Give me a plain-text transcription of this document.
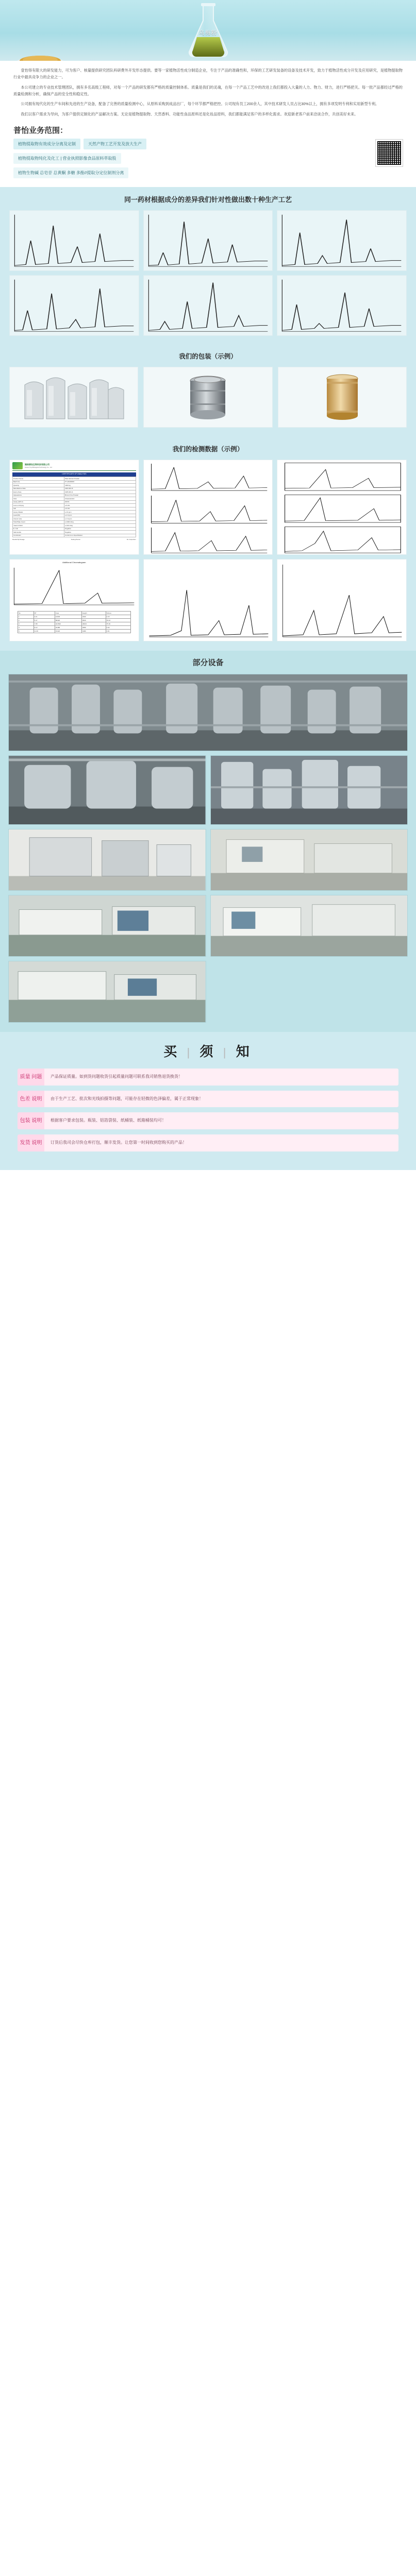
乌梅粉

壹怡得有限大的研发能力，可为客户、核量提供研究团队科研费外开发形态提供。要等一家植物活性成分制造企业，专注于产品的准确性和，环保的工艺研发装备的设备及技术开发，致力于植物活性成分开发及应用研究，是植物提取物行业中最具竞争力的企业之一。

本公司建立的专业技术管理团队，拥有多名高级工程师，对每一个产品的研发都有严格的质量控制体系。质量是我们的灵魂，在每一个产品工艺中的改进上我们都投入大量的人力、物力、财力，进行严格把关。每一批产品都经过严格的质量检测和分析，确保产品的安全性和稳定性。

公司拥有现代化的生产车间和先进的生产设备，配备了完善的质量检测中心，从原料采购到成品出厂，每个环节都严格把控。公司现有员工200余人，其中技术研发人员占比30%以上，拥有多项发明专利和实用新型专利。

我们以客户需求为导向，为客户提供定制化的产品解决方案。无论是植物提取物、天然香料、功能性食品原料还是化妆品原料，我们都能满足客户的多样化需求。欢迎新老客户前来洽谈合作，共创美好未来。

普怡业务范围：
植物提取物有效成分分离及定制	天然产物工艺开发及放大生产
植物提取物纯化及化工 | 营业执照影像食品原料萃取股
植物生物碱 总皂苷 总黄酮 多糖 多酚//提取分定位制剂分离
同一药材根据成分的差异我们针对性做出数十种生产工艺
我们的包装（示例）
我们的检测数据（示例）
湖南普怡生物科技有限公司
Hunan Puyi Biological Technology Co., Ltd.
CERTIFICATE OF ANALYSIS
Product Name	Plant Extract Powder
Batch No.	PY-20230815
Quantity	1000 kg
Manufacture Date	2023-08-15
Expiry Date	2025-08-14
Appearance	Brown Fine Powder
Odor	Characteristic
Assay (HPLC)	98.5%
Loss on Drying	≤ 5.0%
Ash	≤ 5.0%
Heavy Metals	≤ 10 ppm
Lead (Pb)	≤ 2.0 ppm
Arsenic (As)	≤ 1.0 ppm
Total Plate Count	≤ 1000 cfu/g
Yeast & Mold	≤ 100 cfu/g
E. Coli	Negative
Salmonella	Negative
Conclusion	Conforms to Specification
Results By Dosage	Testing Person	No. Inspection
Additional Chromatogram
No.	RT	Area	Height	%Area
1	3.21	12045	1820	2.15
2	5.47	86320	9640	15.42
3	7.88	421530	48210	75.30
4	9.12	24180	3050	4.32
5	11.65	15420	1980	2.81
部分设备
买 | 须 | 知
质量 问题	产品保证质量。如到货问题收货引起质量问题可联系我司销售退货换货！
色差 说明	由于生产工艺、批次和光线拍摄等问题，可能存在轻微的色泽偏差，属于正常现象！
包装 说明	根据客户要求包装。瓶装、铝箔袋装、纸桶装、纸箱桶装均可！
发货 说明	订货后我司会尽快仓库打包，顺丰发货。让您第一时间收到您购买的产品！
